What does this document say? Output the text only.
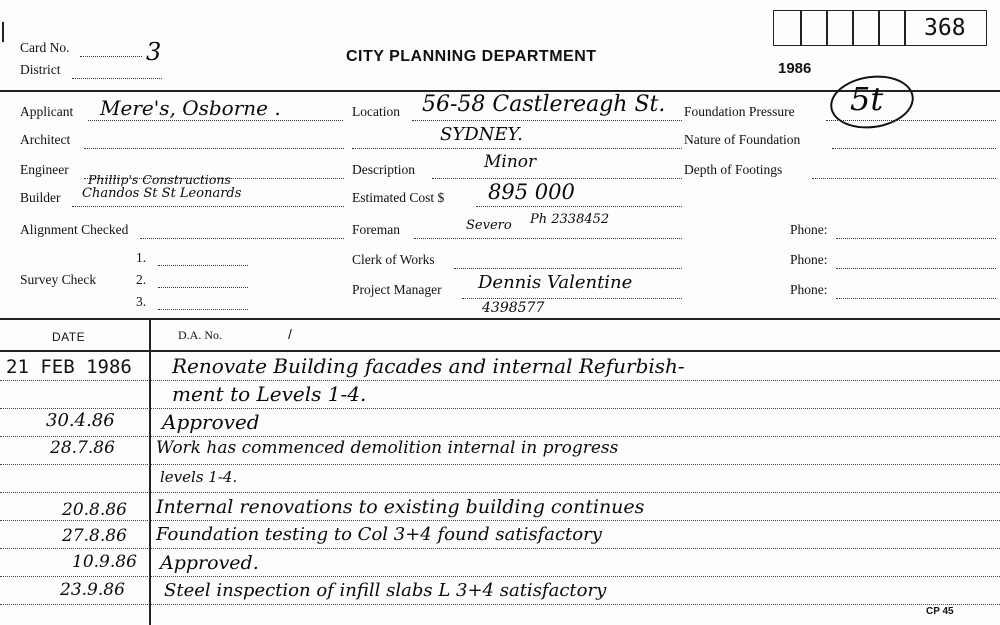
Card No.	3
District
CITY PLANNING DEPARTMENT
1986
368
Applicant Mere's, Osborne .
Architect
Engineer
Phillip's Constructions
Builder Chandos St St Leonards
Alignment Checked
Survey Check
1.
2.
3.
Location 56-58 Castlereagh St.
SYDNEY.
Description	Minor
Estimated Cost $ 895 000
Foreman	Severo Ph 2338452
Clerk of Works
Project Manager Dennis Valentine
4398577
Foundation Pressure 5t
Nature of Foundation
Depth of Footings
Phone:
Phone:
Phone:
DATE	D.A. No.	/
21 FEB 1986 Renovate Building facades and internal Refurbish-
ment to Levels 1-4.
30.4.86 Approved
28.7.86 Work has commenced demolition internal in progress
levels 1-4.
20.8.86 Internal renovations to existing building continues
27.8.86 Foundation testing to Col 3+4 found satisfactory
10.9.86 Approved.
23.9.86 Steel inspection of infill slabs L 3+4 satisfactory
CP 45
